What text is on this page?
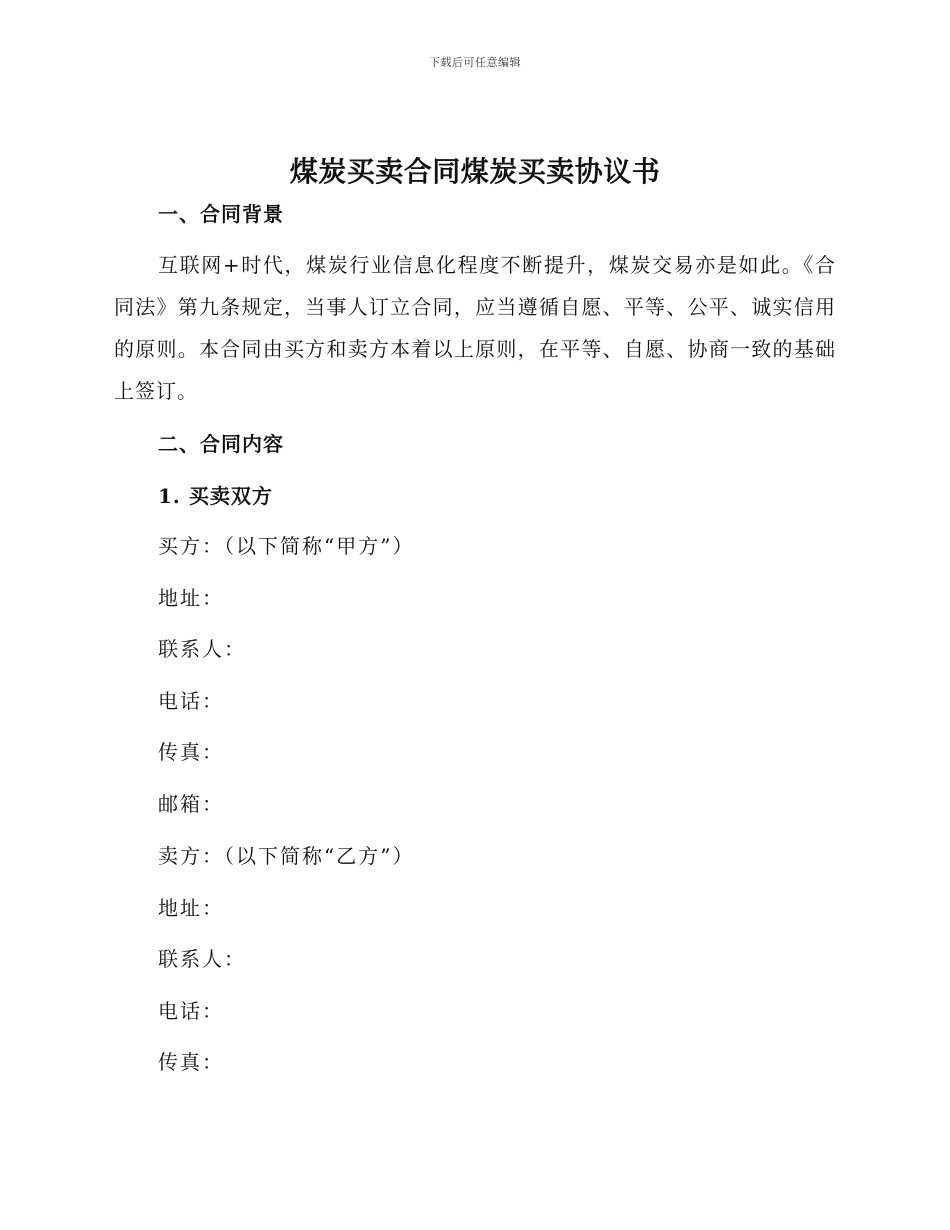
下载后可任意编辑
煤炭买卖合同煤炭买卖协议书
一、合同背景
互联网+时代，煤炭行业信息化程度不断提升，煤炭交易亦是如此。《合同法》第九条规定，当事人订立合同，应当遵循自愿、平等、公平、诚实信用的原则。本合同由买方和卖方本着以上原则，在平等、自愿、协商一致的基础上签订。
二、合同内容
1. 买卖双方
买方：（以下简称“甲方”）
地址：
联系人：
电话：
传真：
邮箱：
卖方：（以下简称“乙方”）
地址：
联系人：
电话：
传真：
